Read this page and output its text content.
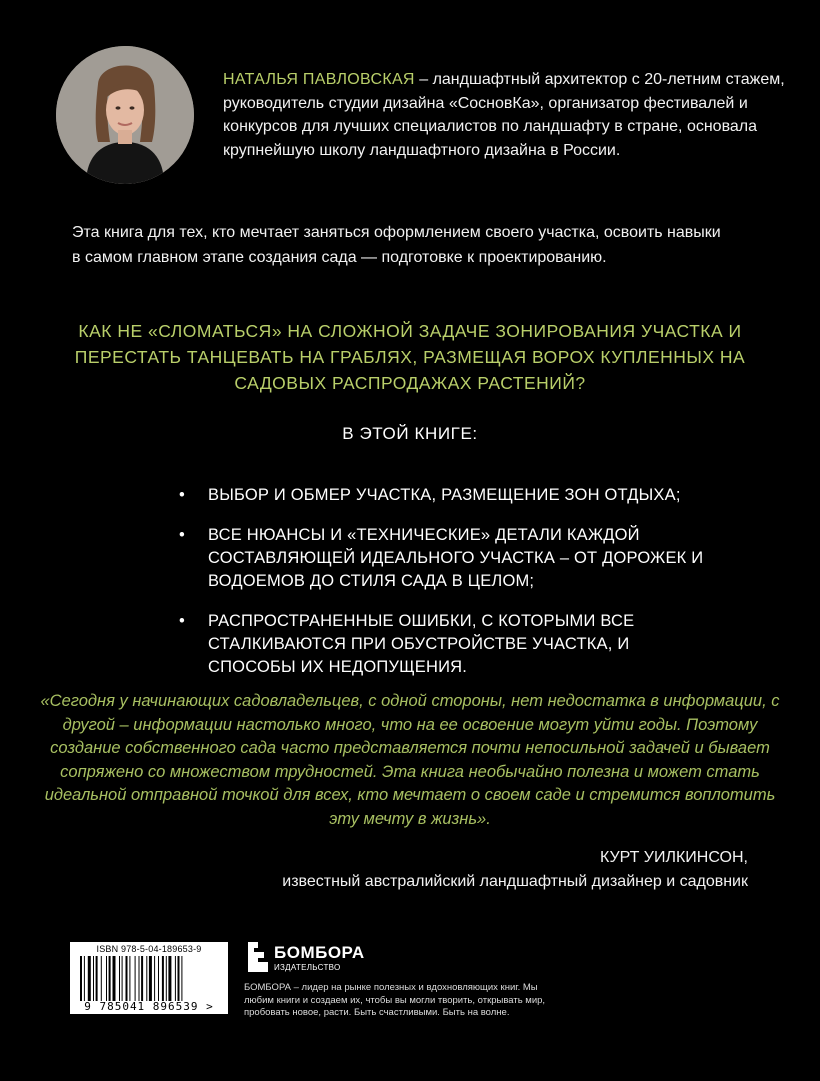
НАТАЛЬЯ ПАВЛОВСКАЯ – ландшафтный архитектор с 20-летним стажем, руководитель студии дизайна «СосновКа», организатор фестивалей и конкурсов для лучших специалистов по ландшафту в стране, основала крупнейшую школу ландшафтного дизайна в России.
Эта книга для тех, кто мечтает заняться оформлением своего участка, освоить навыки в самом главном этапе создания сада — подготовке к проектированию.
КАК НЕ «СЛОМАТЬСЯ» НА СЛОЖНОЙ ЗАДАЧЕ ЗОНИРОВАНИЯ УЧАСТКА И ПЕРЕСТАТЬ ТАНЦЕВАТЬ НА ГРАБЛЯХ, РАЗМЕЩАЯ ВОРОХ КУПЛЕННЫХ НА САДОВЫХ РАСПРОДАЖАХ РАСТЕНИЙ?
В ЭТОЙ КНИГЕ:
• ВЫБОР И ОБМЕР УЧАСТКА, РАЗМЕЩЕНИЕ ЗОН ОТДЫХА;
• ВСЕ НЮАНСЫ И «ТЕХНИЧЕСКИЕ» ДЕТАЛИ КАЖДОЙ СОСТАВЛЯЮЩЕЙ ИДЕАЛЬНОГО УЧАСТКА – ОТ ДОРОЖЕК И ВОДОЕМОВ ДО СТИЛЯ САДА В ЦЕЛОМ;
• РАСПРОСТРАНЕННЫЕ ОШИБКИ, С КОТОРЫМИ ВСЕ СТАЛКИВАЮТСЯ ПРИ ОБУСТРОЙСТВЕ УЧАСТКА, И СПОСОБЫ ИХ НЕДОПУЩЕНИЯ.
«Сегодня у начинающих садовладельцев, с одной стороны, нет недостатка в информации, с другой – информации настолько много, что на ее освоение могут уйти годы. Поэтому создание собственного сада часто представляется почти непосильной задачей и бывает сопряжено со множеством трудностей. Эта книга необычайно полезна и может стать идеальной отправной точкой для всех, кто мечтает о своем саде и стремится воплотить эту мечту в жизнь».
КУРТ УИЛКИНСОН,
известный австралийский ландшафтный дизайнер и садовник
ISBN 978-5-04-189653-9
9 785041 896539 >
БОМБОРА
ИЗДАТЕЛЬСТВО
БОМБОРА – лидер на рынке полезных и вдохновляющих книг. Мы любим книги и создаем их, чтобы вы могли творить, открывать мир, пробовать новое, расти. Быть счастливыми. Быть на волне.
